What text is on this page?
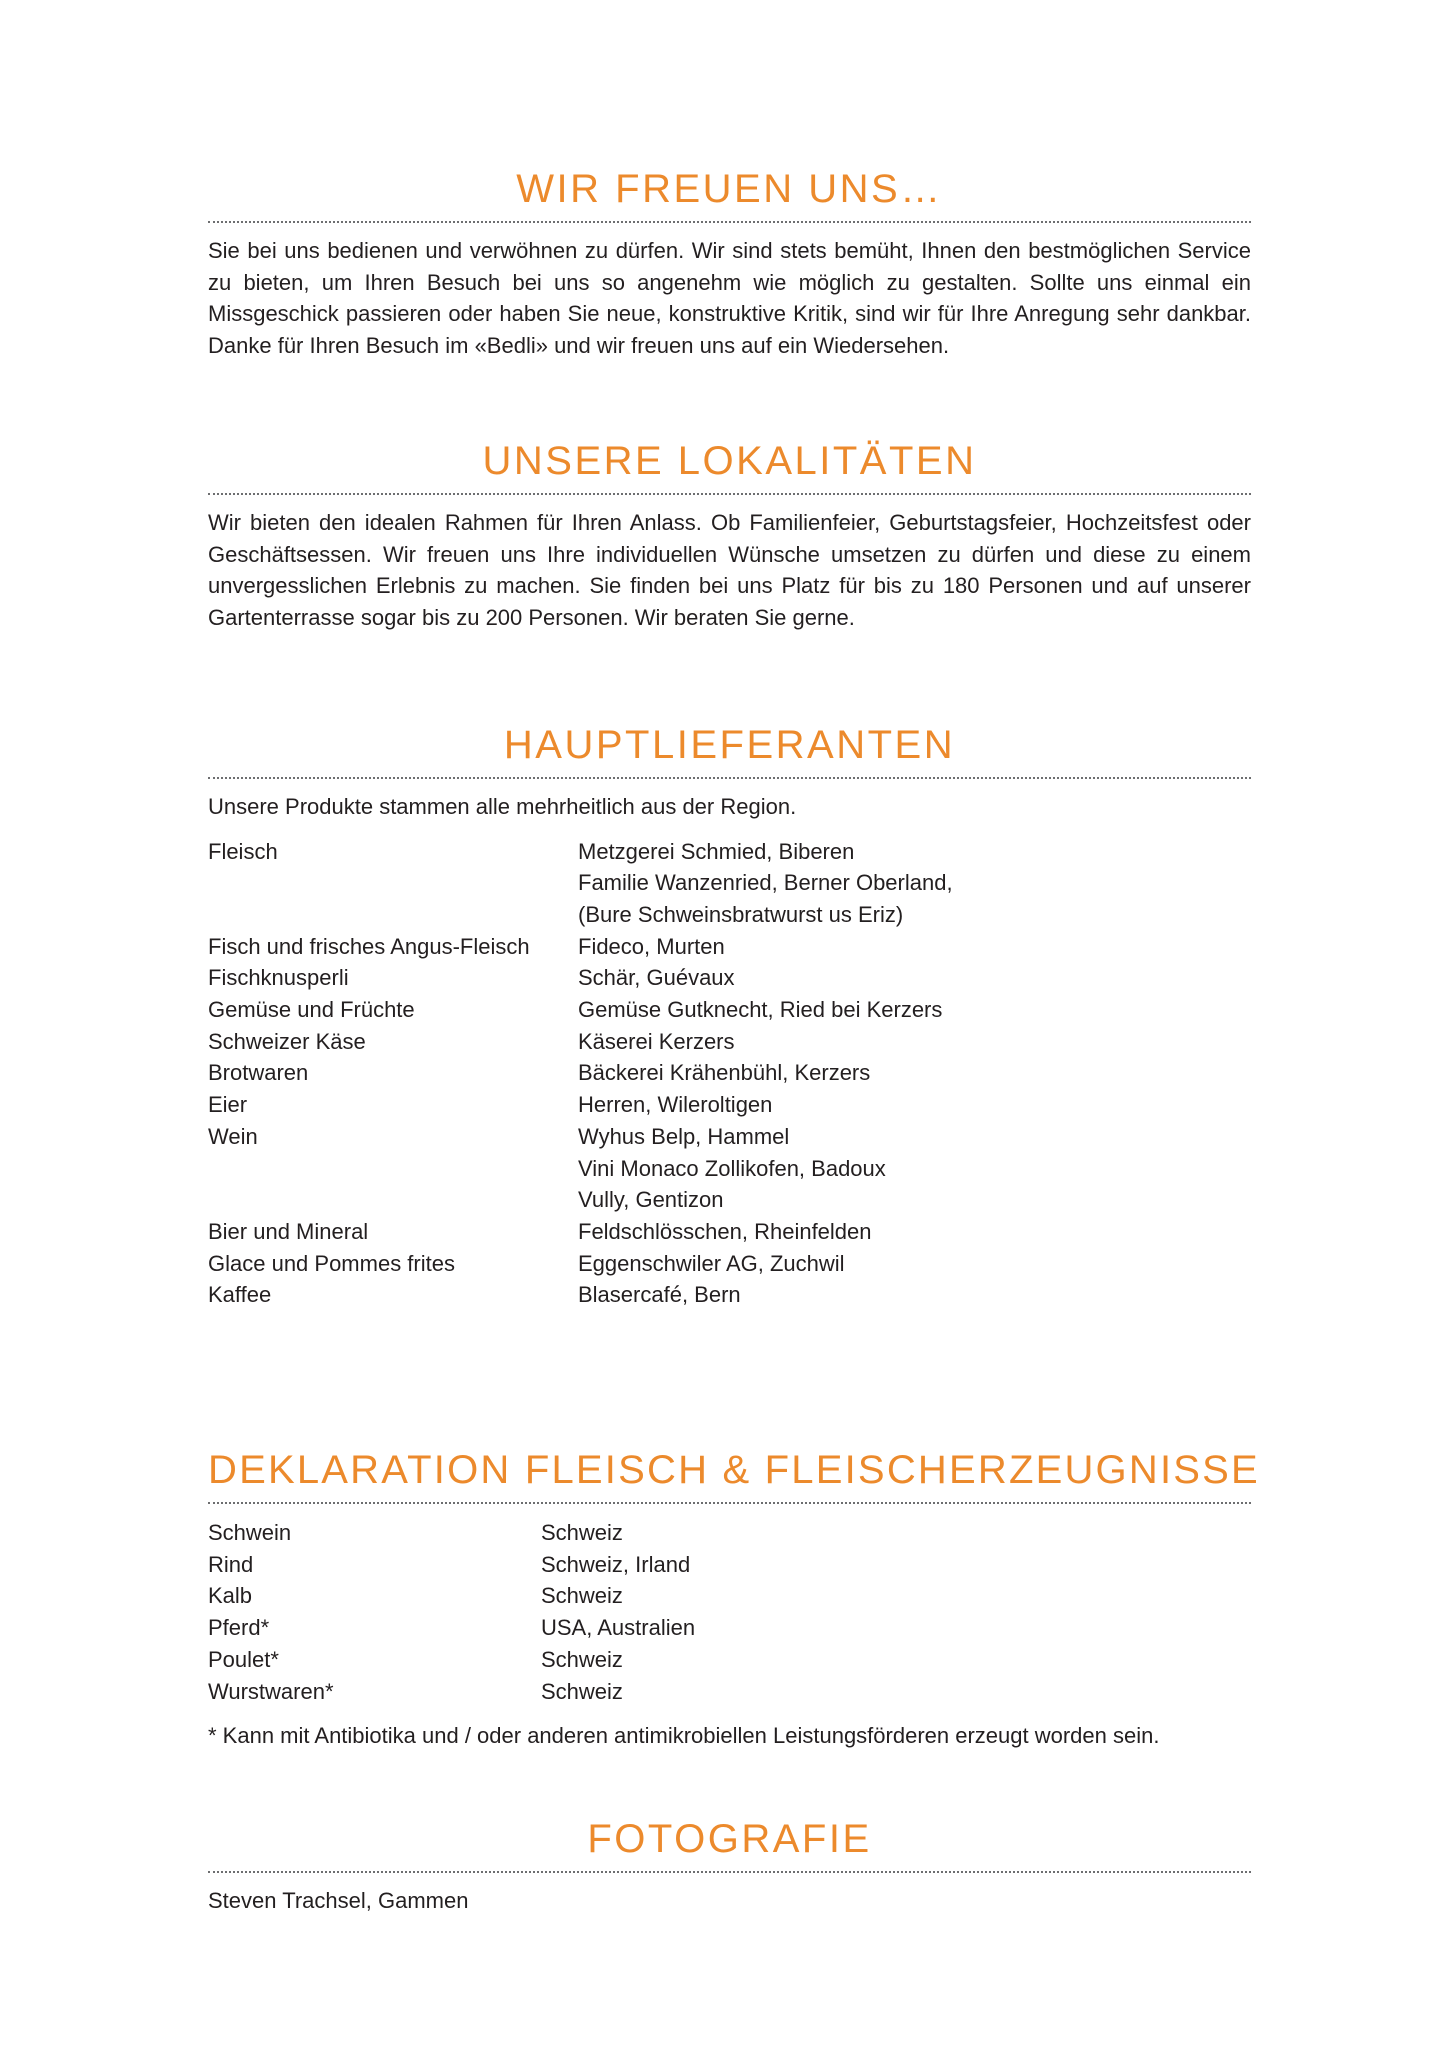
WIR FREUEN UNS…

Sie bei uns bedienen und verwöhnen zu dürfen. Wir sind stets bemüht, Ihnen den bestmöglichen Service zu bieten, um Ihren Besuch bei uns so angenehm wie möglich zu gestalten. Sollte uns einmal ein Missgeschick passieren oder haben Sie neue, konstruktive Kritik, sind wir für Ihre Anregung sehr dankbar. Danke für Ihren Besuch im «Bedli» und wir freuen uns auf ein Wiedersehen.

UNSERE LOKALITÄTEN

Wir bieten den idealen Rahmen für Ihren Anlass. Ob Familienfeier, Geburtstagsfeier, Hochzeitsfest oder Geschäftsessen. Wir freuen uns Ihre individuellen Wünsche umsetzen zu dürfen und diese zu einem unvergesslichen Erlebnis zu machen. Sie finden bei uns Platz für bis zu 180 Personen und auf unserer Gartenterrasse sogar bis zu 200 Personen. Wir beraten Sie gerne.

HAUPTLIEFERANTEN

Unsere Produkte stammen alle mehrheitlich aus der Region.

Fleisch	Metzgerei Schmied, Biberen
Familie Wanzenried, Berner Oberland,
(Bure Schweinsbratwurst us Eriz)
Fisch und frisches Angus-Fleisch	Fideco, Murten
Fischknusperli	Schär, Guévaux
Gemüse und Früchte	Gemüse Gutknecht, Ried bei Kerzers
Schweizer Käse	Käserei Kerzers
Brotwaren	Bäckerei Krähenbühl, Kerzers
Eier	Herren, Wileroltigen
Wein	Wyhus Belp, Hammel
Vini Monaco Zollikofen, Badoux
Vully, Gentizon
Bier und Mineral	Feldschlösschen, Rheinfelden
Glace und Pommes frites	Eggenschwiler AG, Zuchwil
Kaffee	Blasercafé, Bern
DEKLARATION FLEISCH & FLEISCHERZEUGNISSE
Schwein	Schweiz
Rind	Schweiz, Irland
Kalb	Schweiz
Pferd*	USA, Australien
Poulet*	Schweiz
Wurstwaren*	Schweiz
* Kann mit Antibiotika und / oder anderen antimikrobiellen Leistungsförderen erzeugt worden sein.
FOTOGRAFIE

Steven Trachsel, Gammen
